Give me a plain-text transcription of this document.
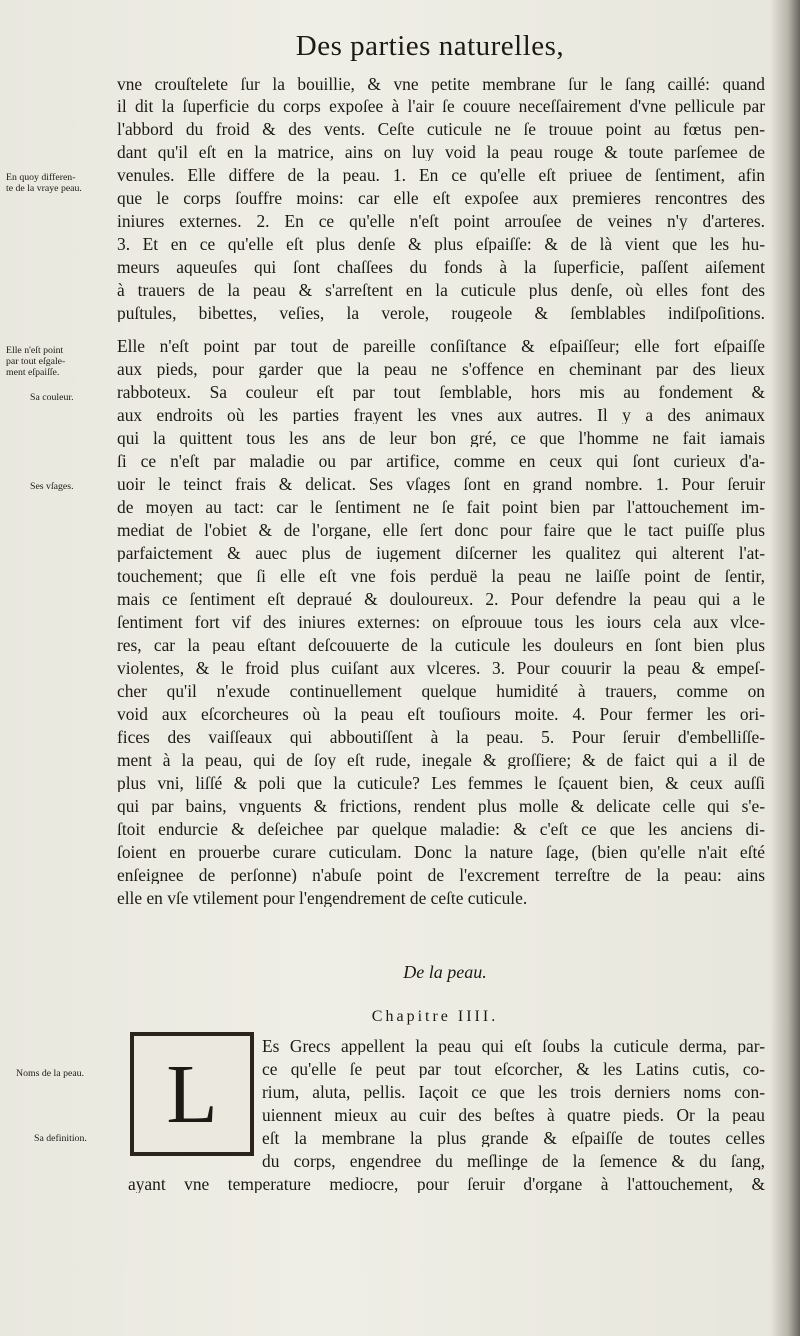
Des parties naturelles,
vne crouſtelete ſur la bouillie, & vne petite membrane ſur le ſang caillé: quand
il dit la ſuperficie du corps expoſee à l'air ſe couure neceſſairement d'vne pellicule par
l'abbord du froid & des vents. Ceſte cuticule ne ſe trouue point au fœtus pen-
dant qu'il eſt en la matrice, ains on luy void la peau rouge & toute parſemee de
venules. Elle differe de la peau. 1. En ce qu'elle eſt priuee de ſentiment, afin
que le corps ſouffre moins: car elle eſt expoſee aux premieres rencontres des
iniures externes. 2. En ce qu'elle n'eſt point arrouſee de veines n'y d'arteres.
3. Et en ce qu'elle eſt plus denſe & plus eſpaiſſe: & de là vient que les hu-
meurs aqueuſes qui ſont chaſſees du fonds à la ſuperficie, paſſent aiſement
à trauers de la peau & s'arreſtent en la cuticule plus denſe, où elles font des
puſtules, bibettes, veſies, la verole, rougeole & ſemblables indiſpoſitions.
Elle n'eſt point par tout de pareille conſiſtance & eſpaiſſeur; elle fort eſpaiſſe
aux pieds, pour garder que la peau ne s'offence en cheminant par des lieux
rabboteux. Sa couleur eſt par tout ſemblable, hors mis au fondement &
aux endroits où les parties frayent les vnes aux autres. Il y a des animaux
qui la quittent tous les ans de leur bon gré, ce que l'homme ne fait iamais
ſi ce n'eſt par maladie ou par artifice, comme en ceux qui ſont curieux d'a-
uoir le teinct frais & delicat. Ses vſages ſont en grand nombre. 1. Pour ſeruir
de moyen au tact: car le ſentiment ne ſe fait point bien par l'attouchement im-
mediat de l'obiet & de l'organe, elle ſert donc pour faire que le tact puiſſe plus
parfaictement & auec plus de iugement diſcerner les qualitez qui alterent l'at-
touchement; que ſi elle eſt vne fois perduë la peau ne laiſſe point de ſentir,
mais ce ſentiment eſt depraué & douloureux. 2. Pour defendre la peau qui a le
ſentiment fort vif des iniures externes: on eſprouue tous les iours cela aux vlce-
res, car la peau eſtant deſcouuerte de la cuticule les douleurs en ſont bien plus
violentes, & le froid plus cuiſant aux vlceres. 3. Pour couurir la peau & empeſ-
cher qu'il n'exude continuellement quelque humidité à trauers, comme on
void aux eſcorcheures où la peau eſt touſiours moite. 4. Pour fermer les ori-
fices des vaiſſeaux qui abboutiſſent à la peau. 5. Pour ſeruir d'embelliſſe-
ment à la peau, qui de ſoy eſt rude, inegale & groſſiere; & de faict qui a il de
plus vni, liſſé & poli que la cuticule? Les femmes le ſçauent bien, & ceux auſſi
qui par bains, vnguents & frictions, rendent plus molle & delicate celle qui s'e-
ſtoit endurcie & deſeichee par quelque maladie: & c'eſt ce que les anciens di-
ſoient en prouerbe curare cuticulam. Donc la nature ſage, (bien qu'elle n'ait eſté
enſeignee de perſonne) n'abuſe point de l'excrement terreſtre de la peau: ains
elle en vſe vtilement pour l'engendrement de ceſte cuticule.
En quoy differen-
te de la vraye peau.
Elle n'eſt point
par tout eſgale-
ment eſpaiſſe.
Sa couleur.
Ses vſages.
Noms de la peau.
Sa definition.
De la peau.
Chapitre IIII.
L
Es Grecs appellent la peau qui eſt ſoubs la cuticule derma, par-
ce qu'elle ſe peut par tout eſcorcher, & les Latins cutis, co-
rium, aluta, pellis. Iaçoit ce que les trois derniers noms con-
uiennent mieux au cuir des beſtes à quatre pieds. Or la peau
eſt la membrane la plus grande & eſpaiſſe de toutes celles
du corps, engendree du meſlinge de la ſemence & du ſang,
ayant vne temperature mediocre, pour ſeruir d'organe à l'attouchement, &
